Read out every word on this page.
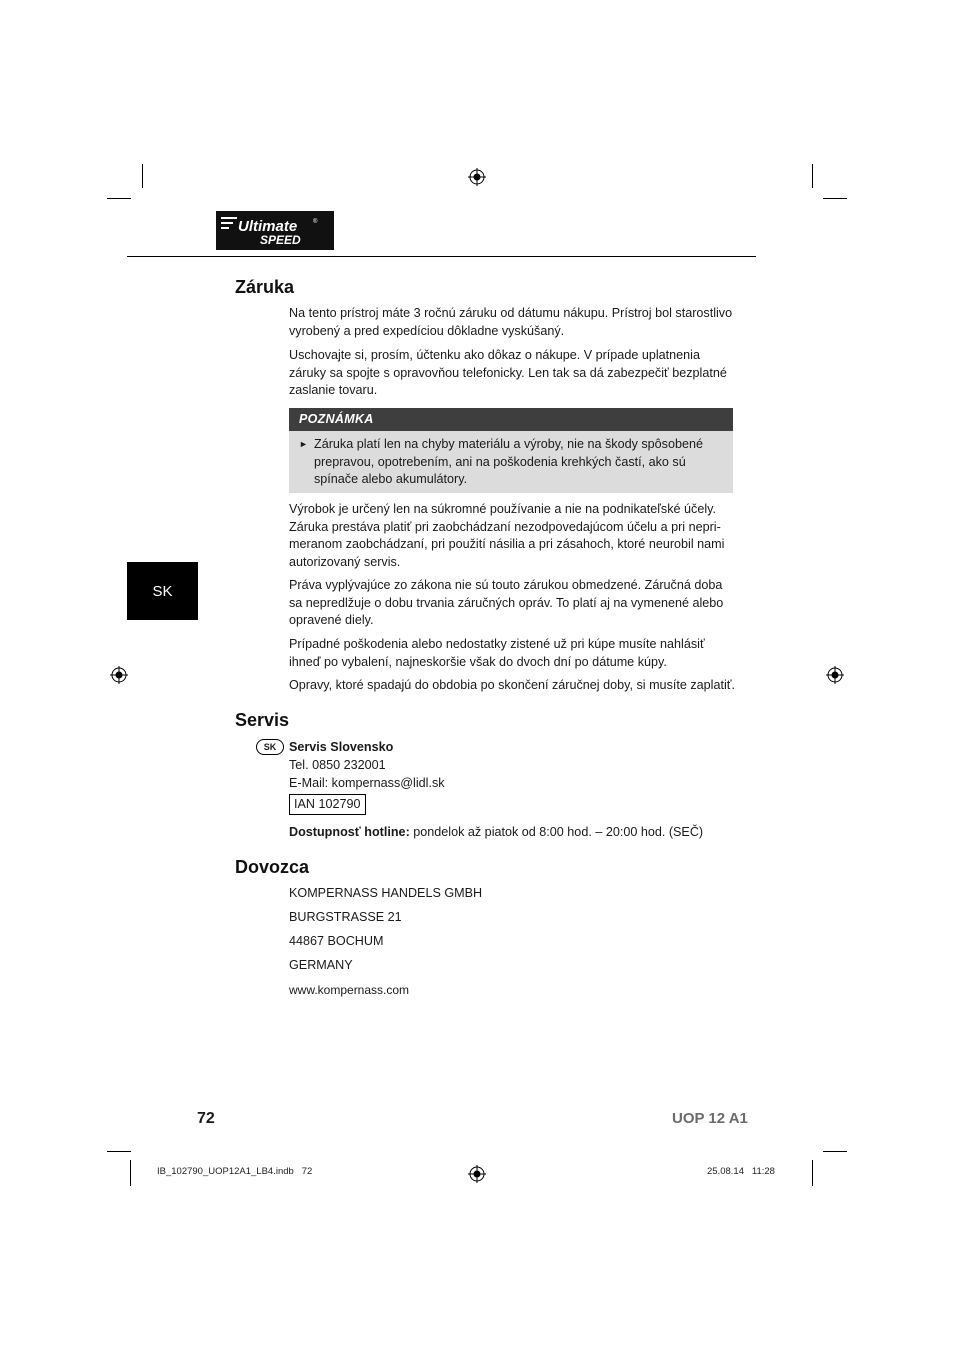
Ultimate
SPEED
®
Záruka

Na tento prístroj máte 3 ročnú záruku od dátumu nákupu. Prístroj bol starostlivo vyrobený a pred expedíciou dôkladne vyskúšaný.

Uschovajte si, prosím, účtenku ako dôkaz o nákupe. V prípade uplatnenia záruky sa spojte s opravovňou telefonicky. Len tak sa dá zabezpečiť bezplatné zaslanie tovaru.

POZNÁMKA
► Záruka platí len na chyby materiálu a výroby, nie na škody spôsobené prepravou, opotrebením, ani na poškodenia krehkých častí, ako sú spínače alebo akumulátory.

Výrobok je určený len na súkromné používanie a nie na podnikateľské účely. Záruka prestáva platiť pri zaobchádzaní nezodpovedajúcom účelu a pri neprimeranom zaobchádzaní, pri použití násilia a pri zásahoch, ktoré neurobil nami autorizovaný servis.

Práva vyplývajúce zo zákona nie sú touto zárukou obmedzené. Záručná doba sa nepredlžuje o dobu trvania záručných opráv. To platí aj na vymenené alebo opravené diely.

Prípadné poškodenia alebo nedostatky zistené už pri kúpe musíte nahlásiť ihneď po vybalení, najneskoršie však do dvoch dní po dátume kúpy.

Opravy, ktoré spadajú do obdobia po skončení záručnej doby, si musíte zaplatiť.

SK
Servis
SK	Servis Slovensko
Tel. 0850 232001
E-Mail: kompernass@lidl.sk
IAN 102790
Dostupnosť hotline: pondelok až piatok od 8:00 hod. – 20:00 hod. (SEČ)
Dovozca
KOMPERNASS HANDELS GMBH
BURGSTRASSE 21
44867 BOCHUM
GERMANY
www.kompernass.com
72	UOP 12 A1
IB_102790_UOP12A1_LB4.indb   72	25.08.14   11:28
